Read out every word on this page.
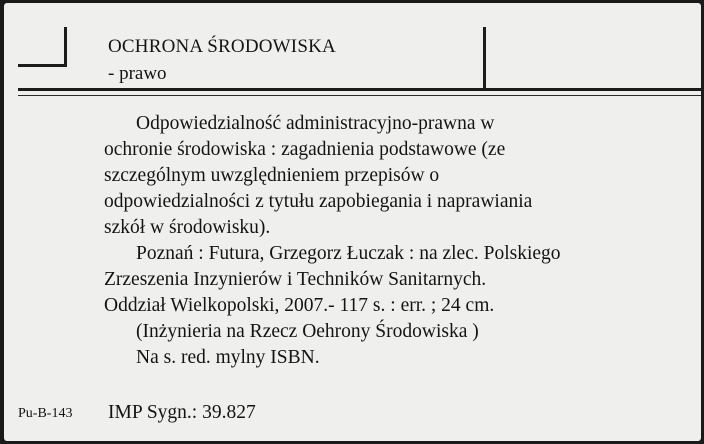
OCHRONA ŚRODOWISKA
- prawo
Odpowiedzialność administracyjno-prawna w
ochronie środowiska : zagadnienia podstawowe (ze
szczególnym uwzględnieniem przepisów o
odpowiedzialności z tytułu zapobiegania i naprawiania
szkół w środowisku).
Poznań : Futura, Grzegorz Łuczak : na zlec. Polskiego
Zrzeszenia Inzynierów i Techników Sanitarnych.
Oddział Wielkopolski, 2007.- 117 s. : err. ; 24 cm.
(Inżynieria na Rzecz Oehrony Środowiska )
Na s. red. mylny ISBN.
Pu-B-143 IMP Sygn.: 39.827
